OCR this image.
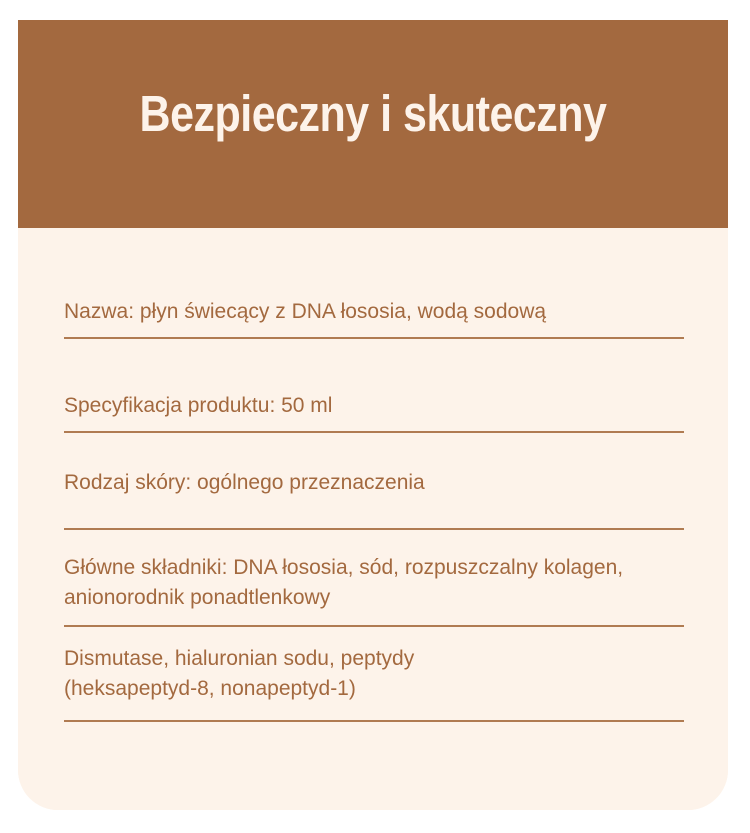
Bezpieczny i skuteczny
Nazwa: płyn świecący z DNA łososia, wodą sodową
Specyfikacja produktu: 50 ml
Rodzaj skóry: ogólnego przeznaczenia
Główne składniki: DNA łososia, sód, rozpuszczalny kolagen,
anionorodnik ponadtlenkowy
Dismutase, hialuronian sodu, peptydy
(heksapeptyd-8, nonapeptyd-1)
